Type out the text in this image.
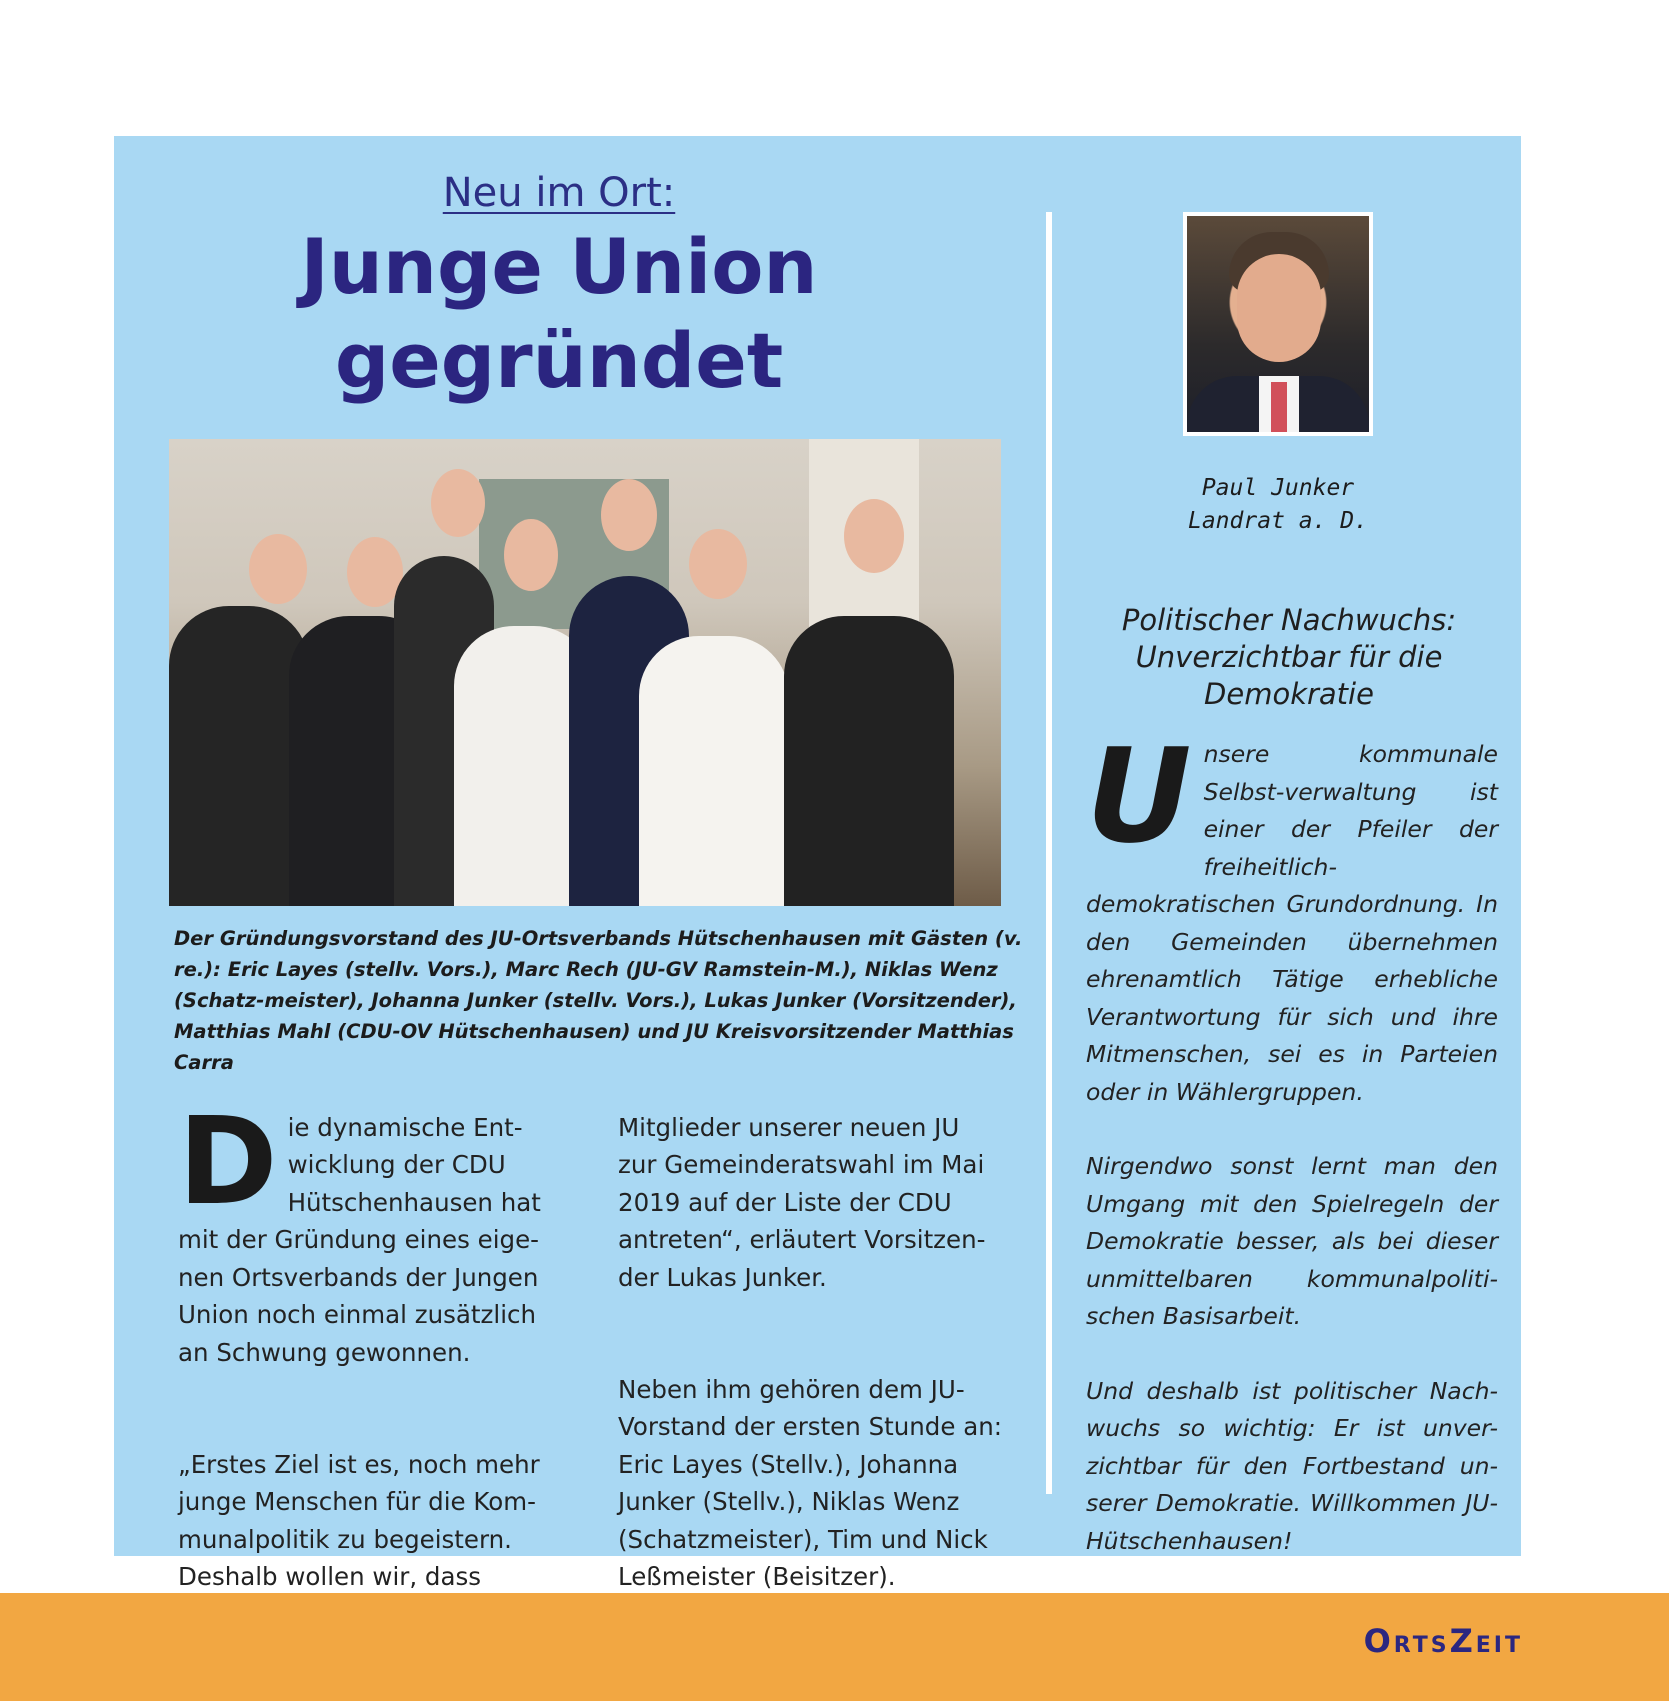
Neu im Ort:
Junge Union
gegründet
Der Gründungsvorstand des JU-Ortsverbands Hütschenhausen mit Gästen (v. re.): Eric Layes (stellv. Vors.), Marc Rech (JU-GV Ramstein-M.), Niklas Wenz (Schatz-meister), Johanna Junker (stellv. Vors.), Lukas Junker (Vorsitzender), Matthias Mahl (CDU-OV Hütschenhausen) und JU Kreisvorsitzender Matthias Carra

Die dynamische Ent-
wicklung der CDU
Hütschenhausen hat
mit der Gründung eines eige-
nen Ortsverbands der Jungen
Union noch einmal zusätzlich
an Schwung gewonnen.

„Erstes Ziel ist es, noch mehr
junge Menschen für die Kom-
munalpolitik zu begeistern.
Deshalb wollen wir, dass

Mitglieder unserer neuen JU
zur Gemeinderatswahl im Mai
2019 auf der Liste der CDU
antreten“, erläutert Vorsitzen-
der Lukas Junker.

Neben ihm gehören dem JU-
Vorstand der ersten Stunde an:
Eric Layes (Stellv.), Johanna
Junker (Stellv.), Niklas Wenz
(Schatzmeister), Tim und Nick
Leßmeister (Beisitzer).

Paul Junker
Landrat a. D.
Politischer Nachwuchs: Unverzichtbar für die Demokratie
Unsere kommunale Selbst-verwaltung ist einer der Pfeiler der freiheitlich-demokratischen Grundordnung. In den Gemeinden übernehmen ehrenamtlich Tätige erhebliche Verantwortung für sich und ihre Mitmenschen, sei es in Parteien oder in Wählergruppen.
Nirgendwo sonst lernt man den Umgang mit den Spielregeln der Demokratie besser, als bei dieser unmittelbaren kommunalpoliti-schen Basisarbeit.
Und deshalb ist politischer Nach-wuchs so wichtig: Er ist unver-zichtbar für den Fortbestand un-serer Demokratie. Willkommen JU-Hütschenhausen!
OrtsZeit
